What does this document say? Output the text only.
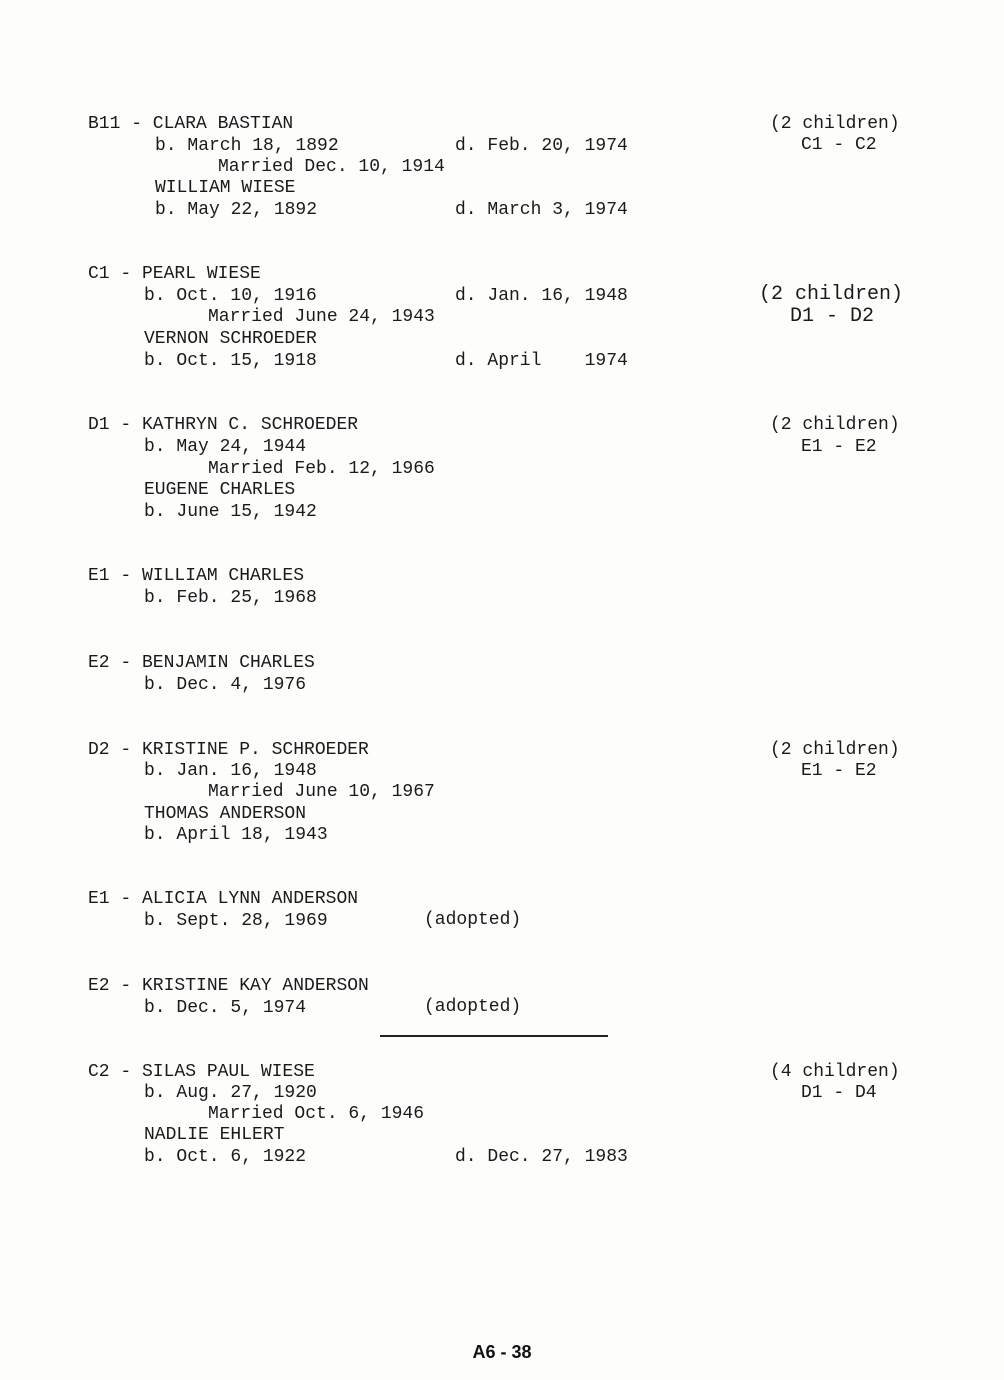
B11 - CLARA BASTIAN
b. March 18, 1892	d. Feb. 20, 1974
Married Dec. 10, 1914
WILLIAM WIESE
b. May 22, 1892	d. March 3, 1974
(2 children)
C1 - C2
C1 - PEARL WIESE
b. Oct. 10, 1916	d. Jan. 16, 1948
Married June 24, 1943
VERNON SCHROEDER
b. Oct. 15, 1918	d. April    1974
(2 children)
D1 - D2
D1 - KATHRYN C. SCHROEDER
b. May 24, 1944
Married Feb. 12, 1966
EUGENE CHARLES
b. June 15, 1942
(2 children)
E1 - E2
E1 - WILLIAM CHARLES
b. Feb. 25, 1968
E2 - BENJAMIN CHARLES
b. Dec. 4, 1976
D2 - KRISTINE P. SCHROEDER
b. Jan. 16, 1948
Married June 10, 1967
THOMAS ANDERSON
b. April 18, 1943
(2 children)
E1 - E2
E1 - ALICIA LYNN ANDERSON
b. Sept. 28, 1969	(adopted)
E2 - KRISTINE KAY ANDERSON
b. Dec. 5, 1974	(adopted)
C2 - SILAS PAUL WIESE
b. Aug. 27, 1920
Married Oct. 6, 1946
NADLIE EHLERT
b. Oct. 6, 1922	d. Dec. 27, 1983
(4 children)
D1 - D4
A6 - 38
